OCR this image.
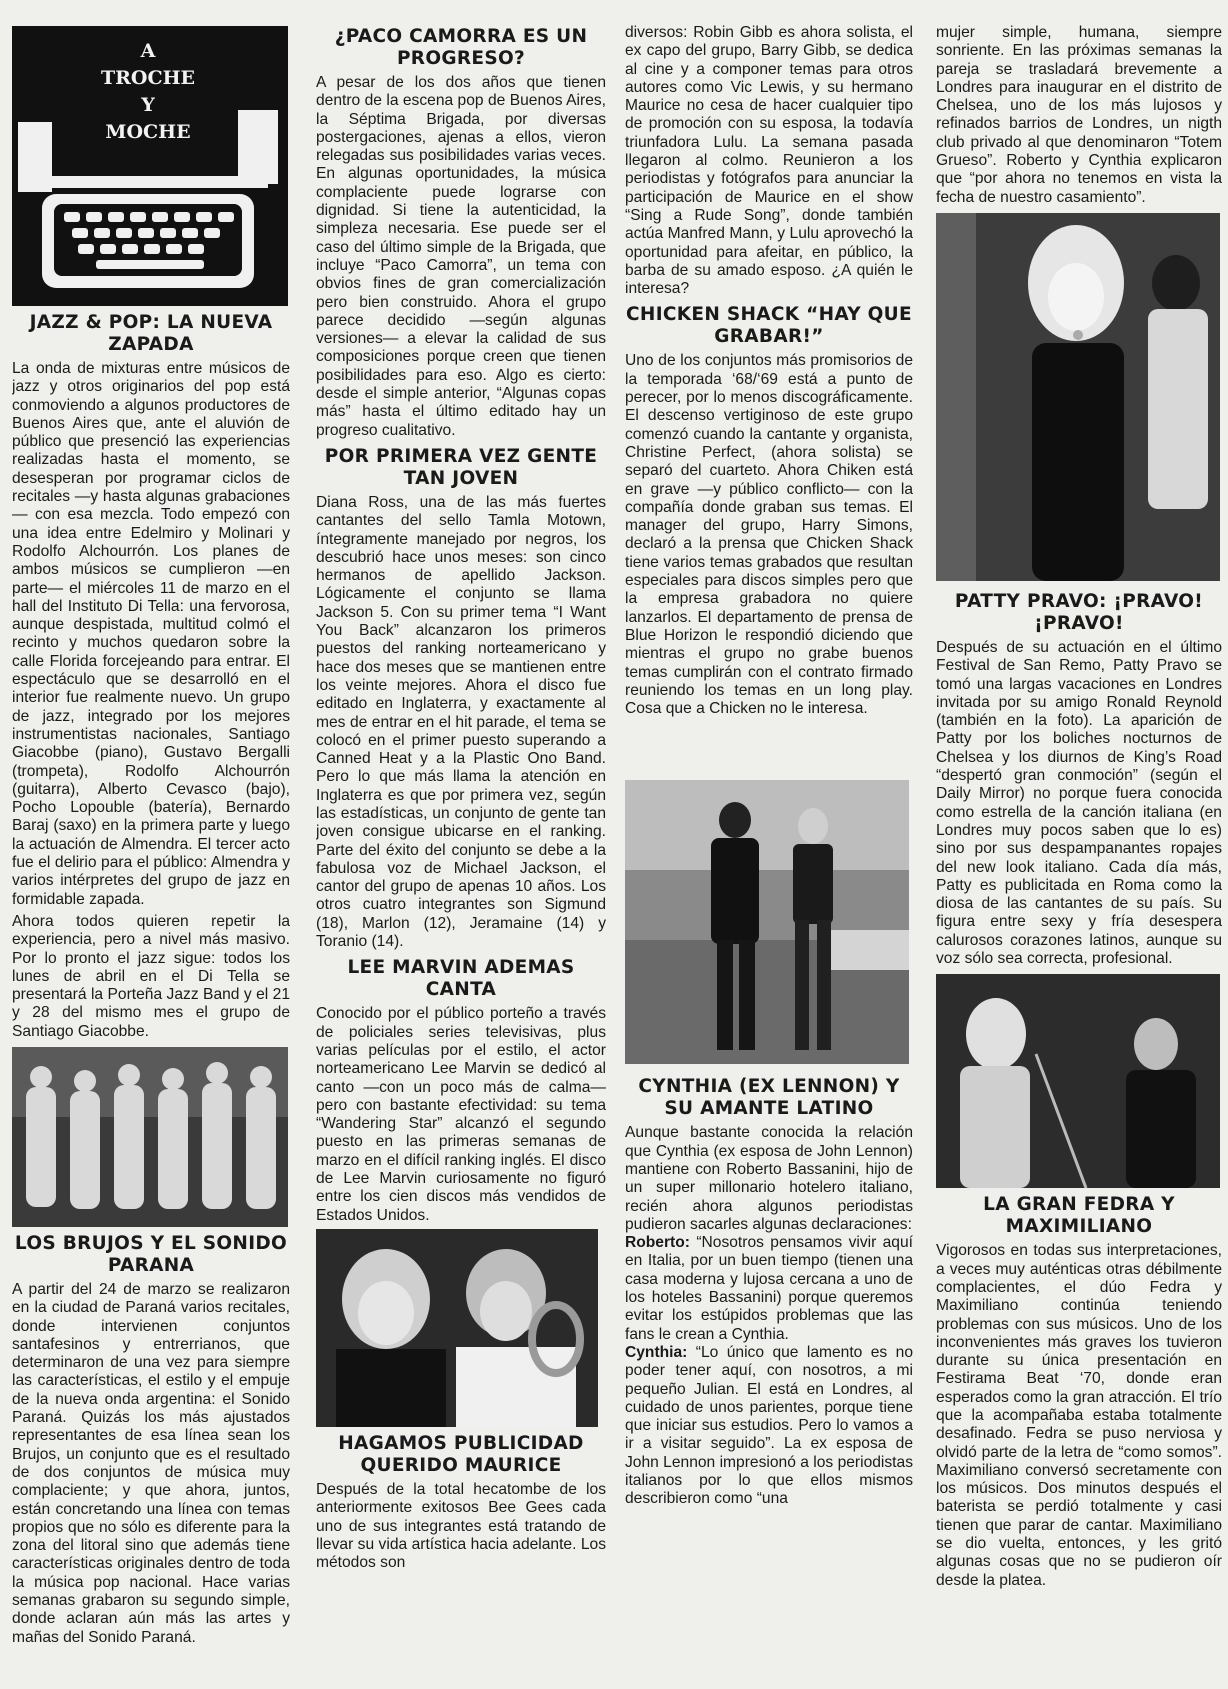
A
TROCHE
Y
MOCHE
JAZZ & POP: LA NUEVA ZAPADA

La onda de mixturas entre músicos de jazz y otros originarios del pop está conmoviendo a algunos productores de Buenos Aires que, ante el aluvión de público que presenció las experiencias realizadas hasta el momento, se desesperan por programar ciclos de recitales —y hasta algunas grabaciones— con esa mezcla. Todo empezó con una idea entre Edelmiro y Molinari y Rodolfo Alchourrón. Los planes de ambos músicos se cumplieron —en parte— el miércoles 11 de marzo en el hall del Instituto Di Tella: una fervorosa, aunque despistada, multitud colmó el recinto y muchos quedaron sobre la calle Florida forcejeando para entrar. El espectáculo que se desarrolló en el interior fue realmente nuevo. Un grupo de jazz, integrado por los mejores instrumentistas nacionales, Santiago Giacobbe (piano), Gustavo Bergalli (trompeta), Rodolfo Alchourrón (guitarra), Alberto Cevasco (bajo), Pocho Lopouble (batería), Bernardo Baraj (saxo) en la primera parte y luego la actuación de Almendra. El tercer acto fue el delirio para el público: Almendra y varios intérpretes del grupo de jazz en formidable zapada.

Ahora todos quieren repetir la experiencia, pero a nivel más masivo. Por lo pronto el jazz sigue: todos los lunes de abril en el Di Tella se presentará la Porteña Jazz Band y el 21 y 28 del mismo mes el grupo de Santiago Giacobbe.

LOS BRUJOS Y EL SONIDO PARANA

A partir del 24 de marzo se realizaron en la ciudad de Paraná varios recitales, donde intervienen conjuntos santafesinos y entrerrianos, que determinaron de una vez para siempre las características, el estilo y el empuje de la nueva onda argentina: el Sonido Paraná. Quizás los más ajustados representantes de esa línea sean los Brujos, un conjunto que es el resultado de dos conjuntos de música muy complaciente; y que ahora, juntos, están concretando una línea con temas propios que no sólo es diferente para la zona del litoral sino que además tiene características originales dentro de toda la música pop nacional. Hace varias semanas grabaron su segundo simple, donde aclaran aún más las artes y mañas del Sonido Paraná.

¿PACO CAMORRA ES UN PROGRESO?

A pesar de los dos años que tienen dentro de la escena pop de Buenos Aires, la Séptima Brigada, por diversas postergaciones, ajenas a ellos, vieron relegadas sus posibilidades varias veces. En algunas oportunidades, la música complaciente puede lograrse con dignidad. Si tiene la autenticidad, la simpleza necesaria. Ese puede ser el caso del último simple de la Brigada, que incluye “Paco Camorra”, un tema con obvios fines de gran comercialización pero bien construido. Ahora el grupo parece decidido —según algunas versiones— a elevar la calidad de sus composiciones porque creen que tienen posibilidades para eso. Algo es cierto: desde el simple anterior, “Algunas copas más” hasta el último editado hay un progreso cualitativo.

POR PRIMERA VEZ GENTE TAN JOVEN

Diana Ross, una de las más fuertes cantantes del sello Tamla Motown, íntegramente manejado por negros, los descubrió hace unos meses: son cinco hermanos de apellido Jackson. Lógicamente el conjunto se llama Jackson 5. Con su primer tema “I Want You Back” alcanzaron los primeros puestos del ranking norteamericano y hace dos meses que se mantienen entre los veinte mejores. Ahora el disco fue editado en Inglaterra, y exactamente al mes de entrar en el hit parade, el tema se colocó en el primer puesto superando a Canned Heat y a la Plastic Ono Band. Pero lo que más llama la atención en Inglaterra es que por primera vez, según las estadísticas, un conjunto de gente tan joven consigue ubicarse en el ranking. Parte del éxito del conjunto se debe a la fabulosa voz de Michael Jackson, el cantor del grupo de apenas 10 años. Los otros cuatro integrantes son Sigmund (18), Marlon (12), Jeramaine (14) y Toranio (14).

LEE MARVIN ADEMAS CANTA

Conocido por el público porteño a través de policiales series televisivas, plus varias películas por el estilo, el actor norteamericano Lee Marvin se dedicó al canto —con un poco más de calma— pero con bastante efectividad: su tema “Wandering Star” alcanzó el segundo puesto en las primeras semanas de marzo en el difícil ranking inglés. El disco de Lee Marvin curiosamente no figuró entre los cien discos más vendidos de Estados Unidos.

HAGAMOS PUBLICIDAD QUERIDO MAURICE

Después de la total hecatombe de los anteriormente exitosos Bee Gees cada uno de sus integrantes está tratando de llevar su vida artística hacia adelante. Los métodos son

diversos: Robin Gibb es ahora solista, el ex capo del grupo, Barry Gibb, se dedica al cine y a componer temas para otros autores como Vic Lewis, y su hermano Maurice no cesa de hacer cualquier tipo de promoción con su esposa, la todavía triunfadora Lulu. La semana pasada llegaron al colmo. Reunieron a los periodistas y fotógrafos para anunciar la participación de Maurice en el show “Sing a Rude Song”, donde también actúa Manfred Mann, y Lulu aprovechó la oportunidad para afeitar, en público, la barba de su amado esposo. ¿A quién le interesa?

CHICKEN SHACK “HAY QUE GRABAR!”

Uno de los conjuntos más promisorios de la temporada ‘68/‘69 está a punto de perecer, por lo menos discográficamente. El descenso vertiginoso de este grupo comenzó cuando la cantante y organista, Christine Perfect, (ahora solista) se separó del cuarteto. Ahora Chiken está en grave —y público conflicto— con la compañía donde graban sus temas. El manager del grupo, Harry Simons, declaró a la prensa que Chicken Shack tiene varios temas grabados que resultan especiales para discos simples pero que la empresa grabadora no quiere lanzarlos. El departamento de prensa de Blue Horizon le respondió diciendo que mientras el grupo no grabe buenos temas cumplirán con el contrato firmado reuniendo los temas en un long play. Cosa que a Chicken no le interesa.

CYNTHIA (EX LENNON) Y SU AMANTE LATINO

Aunque bastante conocida la relación que Cynthia (ex esposa de John Lennon) mantiene con Roberto Bassanini, hijo de un super millonario hotelero italiano, recién ahora algunos periodistas pudieron sacarles algunas declaraciones:
Roberto: “Nosotros pensamos vivir aquí en Italia, por un buen tiempo (tienen una casa moderna y lujosa cercana a uno de los hoteles Bassanini) porque queremos evitar los estúpidos problemas que las fans le crean a Cynthia.
Cynthia: “Lo único que lamento es no poder tener aquí, con nosotros, a mi pequeño Julian. El está en Londres, al cuidado de unos parientes, porque tiene que iniciar sus estudios. Pero lo vamos a ir a visitar seguido”. La ex esposa de John Lennon impresionó a los periodistas italianos por lo que ellos mismos describieron como “una

mujer simple, humana, siempre sonriente. En las próximas semanas la pareja se trasladará brevemente a Londres para inaugurar en el distrito de Chelsea, uno de los más lujosos y refinados barrios de Londres, un nigth club privado al que denominaron “Totem Grueso”. Roberto y Cynthia explicaron que “por ahora no tenemos en vista la fecha de nuestro casamiento”.

PATTY PRAVO: ¡PRAVO! ¡PRAVO!

Después de su actuación en el último Festival de San Remo, Patty Pravo se tomó una largas vacaciones en Londres invitada por su amigo Ronald Reynold (también en la foto). La aparición de Patty por los boliches nocturnos de Chelsea y los diurnos de King’s Road “despertó gran conmoción” (según el Daily Mirror) no porque fuera conocida como estrella de la canción italiana (en Londres muy pocos saben que lo es) sino por sus despampanantes ropajes del new look italiano. Cada día más, Patty es publicitada en Roma como la diosa de las cantantes de su país. Su figura entre sexy y fría desespera calurosos corazones latinos, aunque su voz sólo sea correcta, profesional.

LA GRAN FEDRA Y MAXIMILIANO

Vigorosos en todas sus interpretaciones, a veces muy auténticas otras débilmente complacientes, el dúo Fedra y Maximiliano continúa teniendo problemas con sus músicos. Uno de los inconvenientes más graves los tuvieron durante su única presentación en Festirama Beat ‘70, donde eran esperados como la gran atracción. El trío que la acompañaba estaba totalmente desafinado. Fedra se puso nerviosa y olvidó parte de la letra de “como somos”. Maximiliano conversó secretamente con los músicos. Dos minutos después el baterista se perdió totalmente y casi tienen que parar de cantar. Maximiliano se dio vuelta, entonces, y les gritó algunas cosas que no se pudieron oír desde la platea.
